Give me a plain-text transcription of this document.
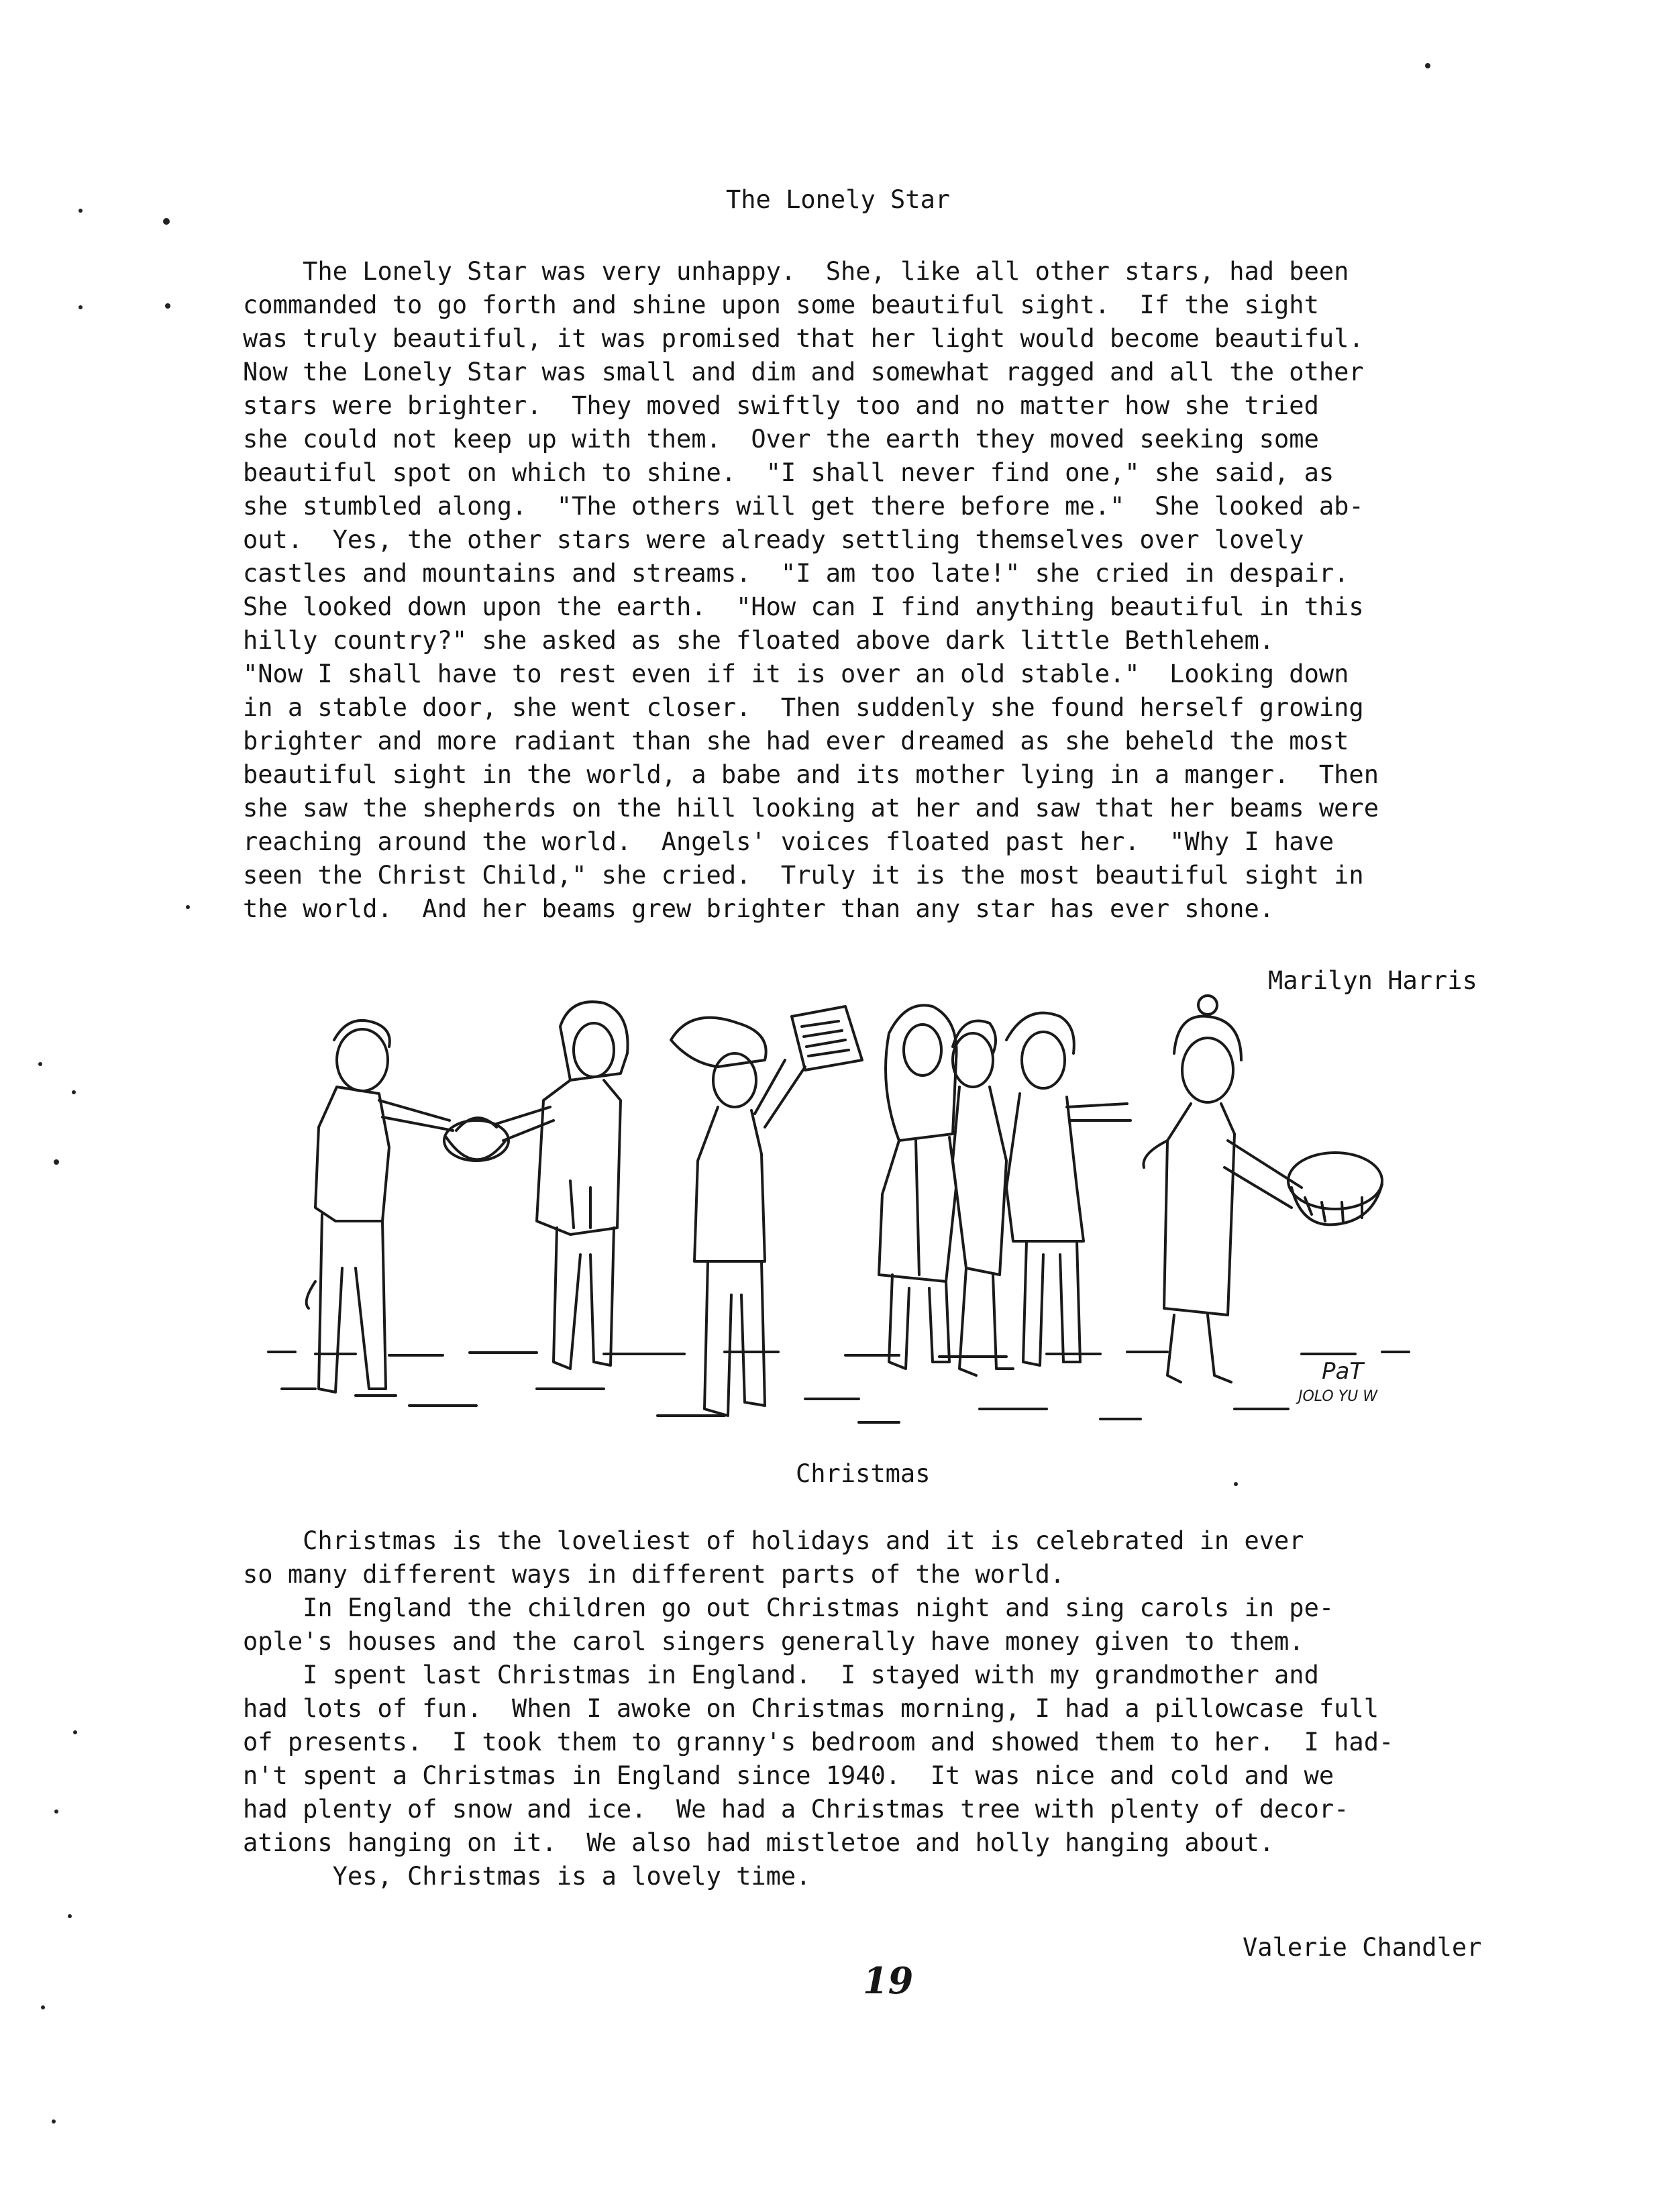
The Lonely Star
The Lonely Star was very unhappy.  She, like all other stars, had been
commanded to go forth and shine upon some beautiful sight.  If the sight
was truly beautiful, it was promised that her light would become beautiful.
Now the Lonely Star was small and dim and somewhat ragged and all the other
stars were brighter.  They moved swiftly too and no matter how she tried
she could not keep up with them.  Over the earth they moved seeking some
beautiful spot on which to shine.  "I shall never find one," she said, as
she stumbled along.  "The others will get there before me."  She looked ab-
out.  Yes, the other stars were already settling themselves over lovely
castles and mountains and streams.  "I am too late!" she cried in despair.
She looked down upon the earth.  "How can I find anything beautiful in this
hilly country?" she asked as she floated above dark little Bethlehem.
"Now I shall have to rest even if it is over an old stable."  Looking down
in a stable door, she went closer.  Then suddenly she found herself growing
brighter and more radiant than she had ever dreamed as she beheld the most
beautiful sight in the world, a babe and its mother lying in a manger.  Then
she saw the shepherds on the hill looking at her and saw that her beams were
reaching around the world.  Angels' voices floated past her.  "Why I have
seen the Christ Child," she cried.  Truly it is the most beautiful sight in
the world.  And her beams grew brighter than any star has ever shone.
Marilyn Harris
PaT
JOLO YU W
Christmas
Christmas is the loveliest of holidays and it is celebrated in ever
so many different ways in different parts of the world.
In England the children go out Christmas night and sing carols in pe-
ople's houses and the carol singers generally have money given to them.
I spent last Christmas in England.  I stayed with my grandmother and
had lots of fun.  When I awoke on Christmas morning, I had a pillowcase full
of presents.  I took them to granny's bedroom and showed them to her.  I had-
n't spent a Christmas in England since 1940.  It was nice and cold and we
had plenty of snow and ice.  We had a Christmas tree with plenty of decor-
ations hanging on it.  We also had mistletoe and holly hanging about.
Yes, Christmas is a lovely time.
Valerie Chandler
19
